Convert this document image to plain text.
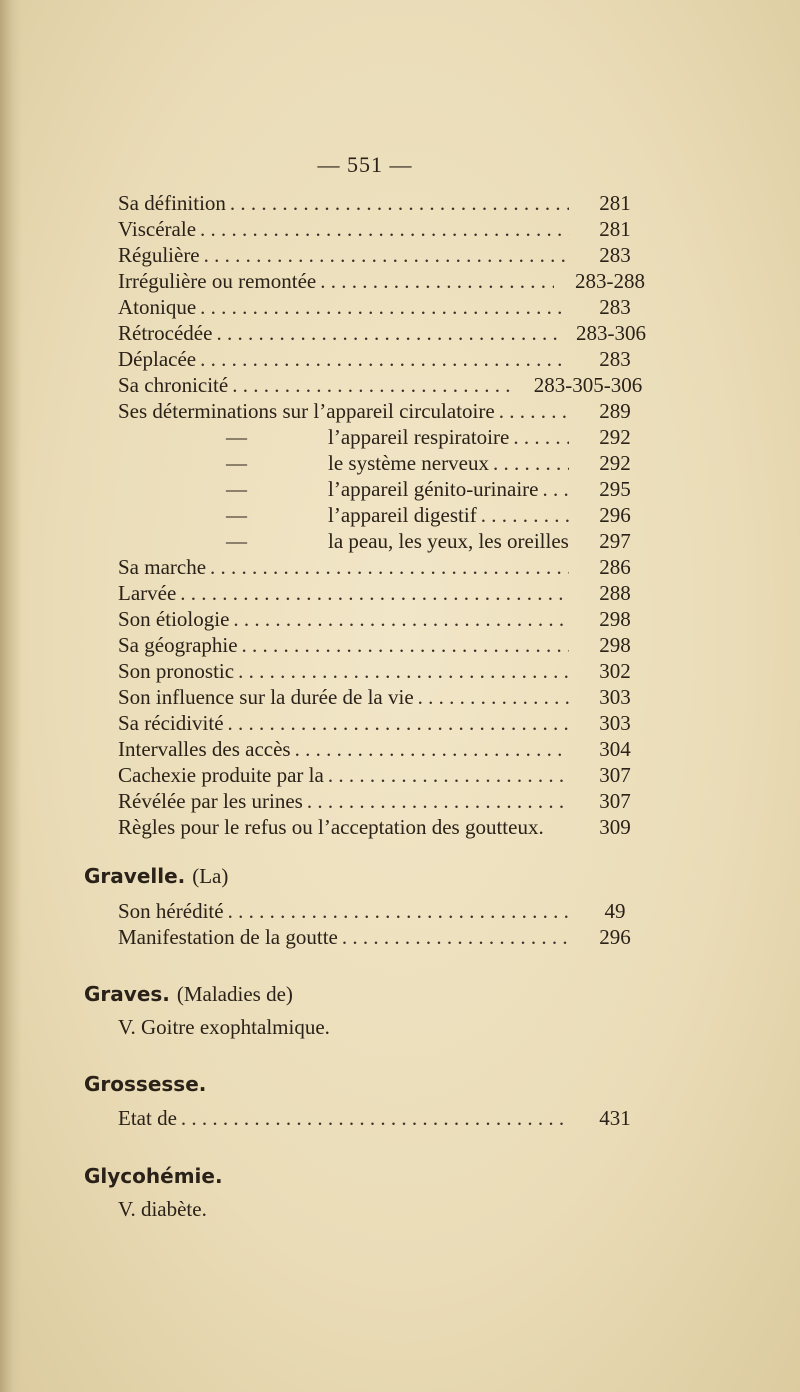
— 551 —
Sa définition . . .	281
Viscérale . . .	281
Régulière . . .	283
Irrégulière ou remontée . . .	283-288
Atonique . . .	283
Rétrocédée . . .	283-306
Déplacée . . .	283
Sa chronicité . . .	283-305-306
Ses déterminations sur l’appareil circulatoire . . .	289
—	l’appareil respiratoire . . .	292
—	le système nerveux . . .	292
—	l’appareil génito-urinaire . . .	295
—	l’appareil digestif . . .	296
—	la peau, les yeux, les oreilles	297
Sa marche . . .	286
Larvée . . .	288
Son étiologie . . .	298
Sa géographie . . .	298
Son pronostic . . .	302
Son influence sur la durée de la vie . . .	303
Sa récidivité . . .	303
Intervalles des accès . . .	304
Cachexie produite par la . . .	307
Révélée par les urines . . .	307
Règles pour le refus ou l’acceptation des goutteux.	309
Gravelle. (La)
Son hérédité . . .	49
Manifestation de la goutte . . .	296
Graves. (Maladies de)
V. Goitre exophtalmique.
Grossesse.
Etat de . . .	431
Glycohémie.
V. diabète.
